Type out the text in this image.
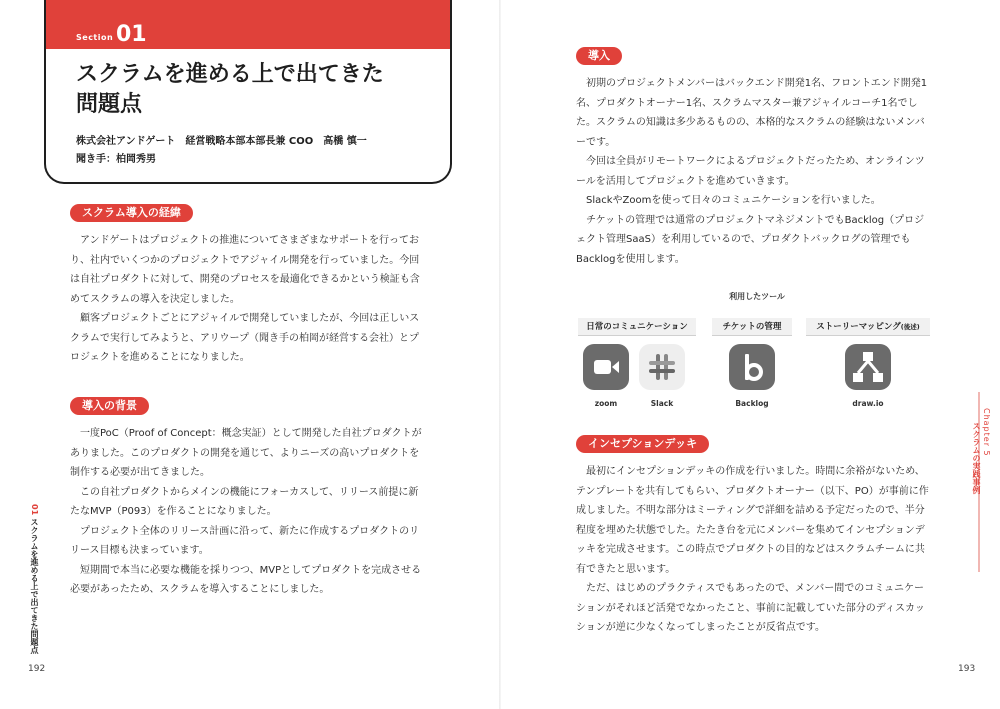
Section 01
スクラムを進める上で出てきた
問題点
株式会社アンドゲート　経営戦略本部本部長兼 COO　高橋 慎一
聞き手：柏岡秀男
スクラム導入の経緯

アンドゲートはプロジェクトの推進についてさまざまなサポートを行っており、社内でいくつかのプロジェクトでアジャイル開発を行っていました。今回は自社プロダクトに対して、開発のプロセスを最適化できるかという検証も含めてスクラムの導入を決定しました。

顧客プロジェクトごとにアジャイルで開発していましたが、今回は正しいスクラムで実行してみようと、アリウープ（聞き手の柏岡が経営する会社）とプロジェクトを進めることになりました。

導入の背景

一度PoC（Proof of Concept：概念実証）として開発した自社プロダクトがありました。このプロダクトの開発を通じて、よりニーズの高いプロダクトを制作する必要が出てきました。

この自社プロダクトからメインの機能にフォーカスして、リリース前提に新たなMVP（P093）を作ることになりました。

プロジェクト全体のリリース計画に沿って、新たに作成するプロダクトのリリース目標も決まっています。

短期間で本当に必要な機能を採りつつ、MVPとしてプロダクトを完成させる必要があったため、スクラムを導入することにしました。

01 スクラムを進める上で出てきた問題点
192
導入

初期のプロジェクトメンバーはバックエンド開発1名、フロントエンド開発1名、プロダクトオーナー1名、スクラムマスター兼アジャイルコーチ1名でした。スクラムの知識は多少あるものの、本格的なスクラムの経験はないメンバーです。

今回は全員がリモートワークによるプロジェクトだったため、オンラインツールを活用してプロジェクトを進めていきます。

SlackやZoomを使って日々のコミュニケーションを行いました。

チケットの管理では通常のプロジェクトマネジメントでもBacklog（プロジェクト管理SaaS）を利用しているので、プロダクトバックログの管理でもBacklogを使用します。

利用したツール
日常のコミュニケーション	チケットの管理	ストーリーマッピング(後述)
zoom	Slack	Backlog	draw.io
インセプションデッキ

最初にインセプションデッキの作成を行いました。時間に余裕がないため、テンプレートを共有してもらい、プロダクトオーナー（以下、PO）が事前に作成しました。不明な部分はミーティングで詳細を詰める予定だったので、半分程度を埋めた状態でした。たたき台を元にメンバーを集めてインセプションデッキを完成させます。この時点でプロダクトの目的などはスクラムチームに共有できたと思います。

ただ、はじめのプラクティスでもあったので、メンバー間でのコミュニケーションがそれほど活発でなかったこと、事前に記載していた部分のディスカッションが逆に少なくなってしまったことが反省点です。

Chapter 5
スクラムの実践事例
193
